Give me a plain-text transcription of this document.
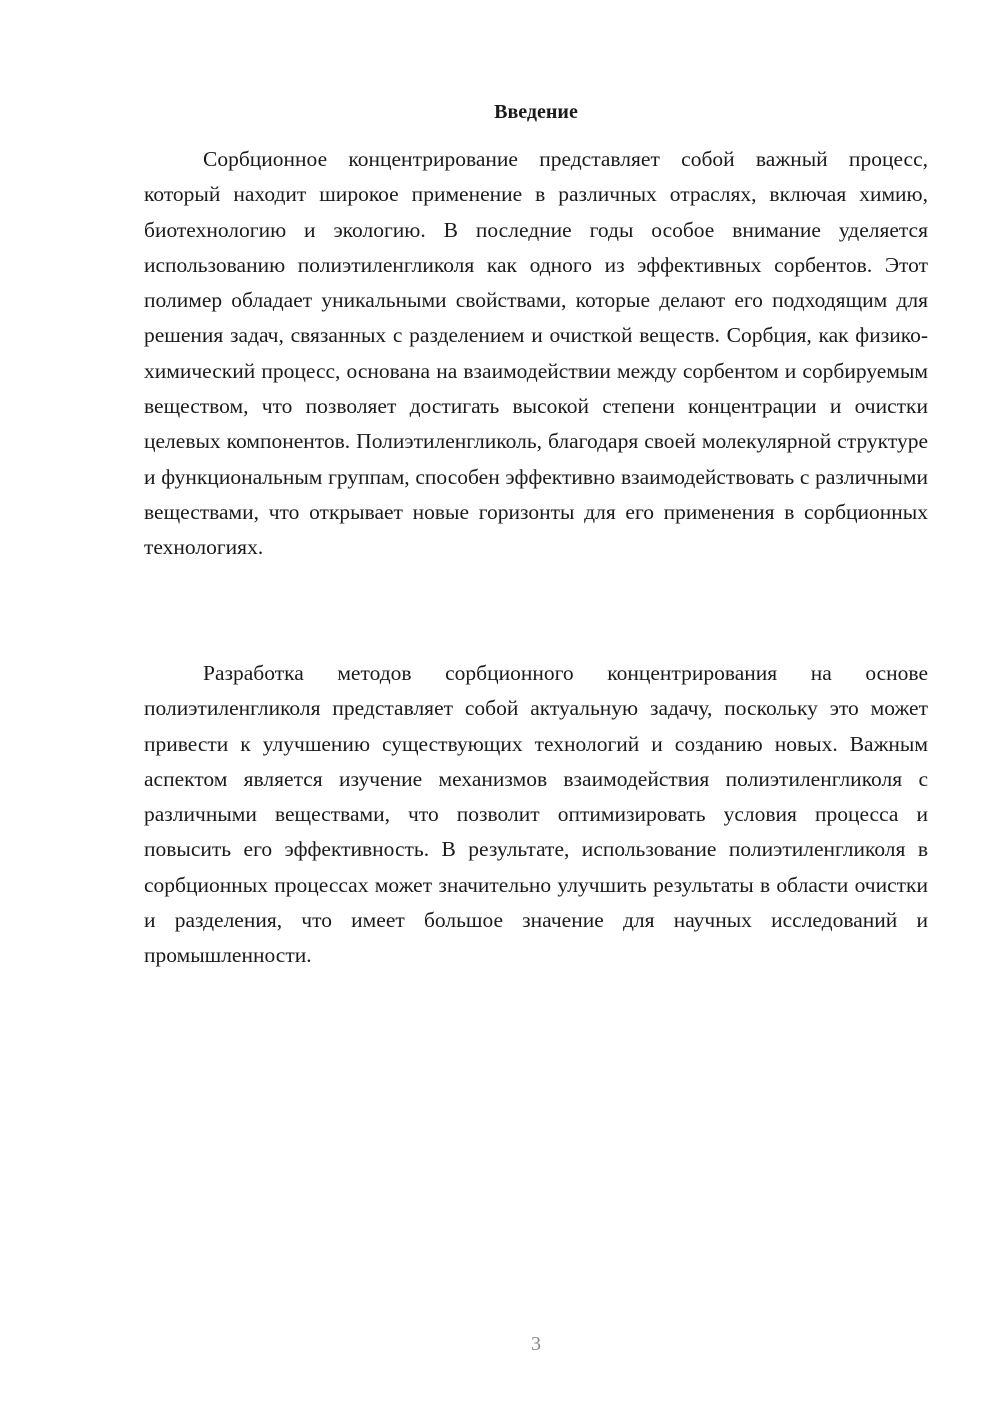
Введение

Сорбционное концентрирование представляет собой важный процесс, который находит широкое применение в различных отраслях, включая химию, биотехнологию и экологию. В последние годы особое внимание уделяется использованию полиэтиленгликоля как одного из эффективных сорбентов. Этот полимер обладает уникальными свойствами, которые делают его подходящим для решения задач, связанных с разделением и очисткой веществ. Сорбция, как физико-химический процесс, основана на взаимодействии между сорбентом и сорбируемым веществом, что позволяет достигать высокой степени концентрации и очистки целевых компонентов. Полиэтиленгликоль, благодаря своей молекулярной структуре и функциональным группам, способен эффективно взаимодействовать с различными веществами, что открывает новые горизонты для его применения в сорбционных технологиях.

Разработка методов сорбционного концентрирования на основе полиэтиленгликоля представляет собой актуальную задачу, поскольку это может привести к улучшению существующих технологий и созданию новых. Важным аспектом является изучение механизмов взаимодействия полиэтиленгликоля с различными веществами, что позволит оптимизировать условия процесса и повысить его эффективность. В результате, использование полиэтиленгликоля в сорбционных процессах может значительно улучшить результаты в области очистки и разделения, что имеет большое значение для научных исследований и промышленности.

3
